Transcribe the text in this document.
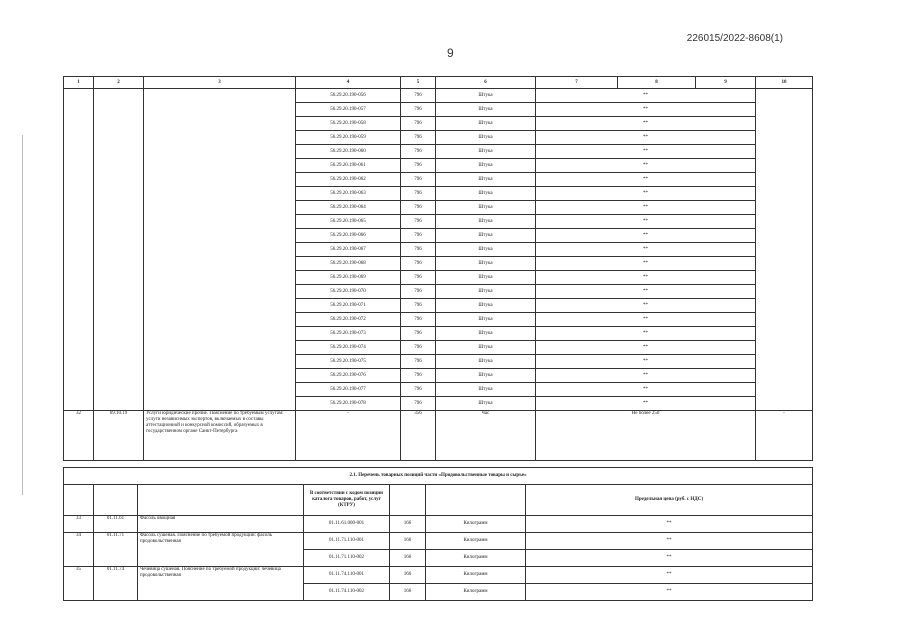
226015/2022-8608(1)
9
1	2	3	4	5	6	7	8	9	10
			56.29.20.190-056	796	Штука	**			
			56.29.20.190-057	796	Штука	**			
			56.29.20.190-058	796	Штука	**			
			56.29.20.190-059	796	Штука	**			
			56.29.20.190-060	796	Штука	**			
			56.29.20.190-061	796	Штука	**			
			56.29.20.190-062	796	Штука	**			
			56.29.20.190-063	796	Штука	**			
			56.29.20.190-064	796	Штука	**			
			56.29.20.190-065	796	Штука	**			
			56.29.20.190-066	796	Штука	**			
			56.29.20.190-067	796	Штука	**			
			56.29.20.190-068	796	Штука	**			
			56.29.20.190-069	796	Штука	**			
			56.29.20.190-070	796	Штука	**			
			56.29.20.190-071	796	Штука	**			
			56.29.20.190-072	796	Штука	**			
			56.29.20.190-073	796	Штука	**			
			56.29.20.190-074	796	Штука	**			
			56.29.20.190-075	796	Штука	**			
			56.29.20.190-076	796	Штука	**			
			56.29.20.190-077	796	Штука	**			
			56.29.20.190-078	796	Штука	**			
32	69.10.19	Услуги юридические прочие. Пояснение по требуемым услугам: услуги независимых экспертов, включаемых в составы аттестационной и конкурсной комиссий, образуемых в государственном органе Санкт-Петербурга	-	356	Час	Не более 250			-
2.1. Перечень товарных позиций части «Продовольственные товары и сырье»						
			В соответствии с кодом позиции каталога товаров, работ, услуг (КТРУ)			Предельная цена (руб. с НДС)
33	01.11.61	Фасоль овощная	01.11.61.000-001	166	Килограмм	**
34	01.11.71	Фасоль сушеная. Пояснение по требуемой продукции: фасоль продовольственная	01.11.71.110-001	166	Килограмм	**
			01.11.71.110-002	166	Килограмм	**
35	01.11.74	Чечевица сушеная. Пояснение по требуемой продукции: чечевица продовольственная	01.11.74.110-001	166	Килограмм	**
			01.11.74.110-002	166	Килограмм	**
